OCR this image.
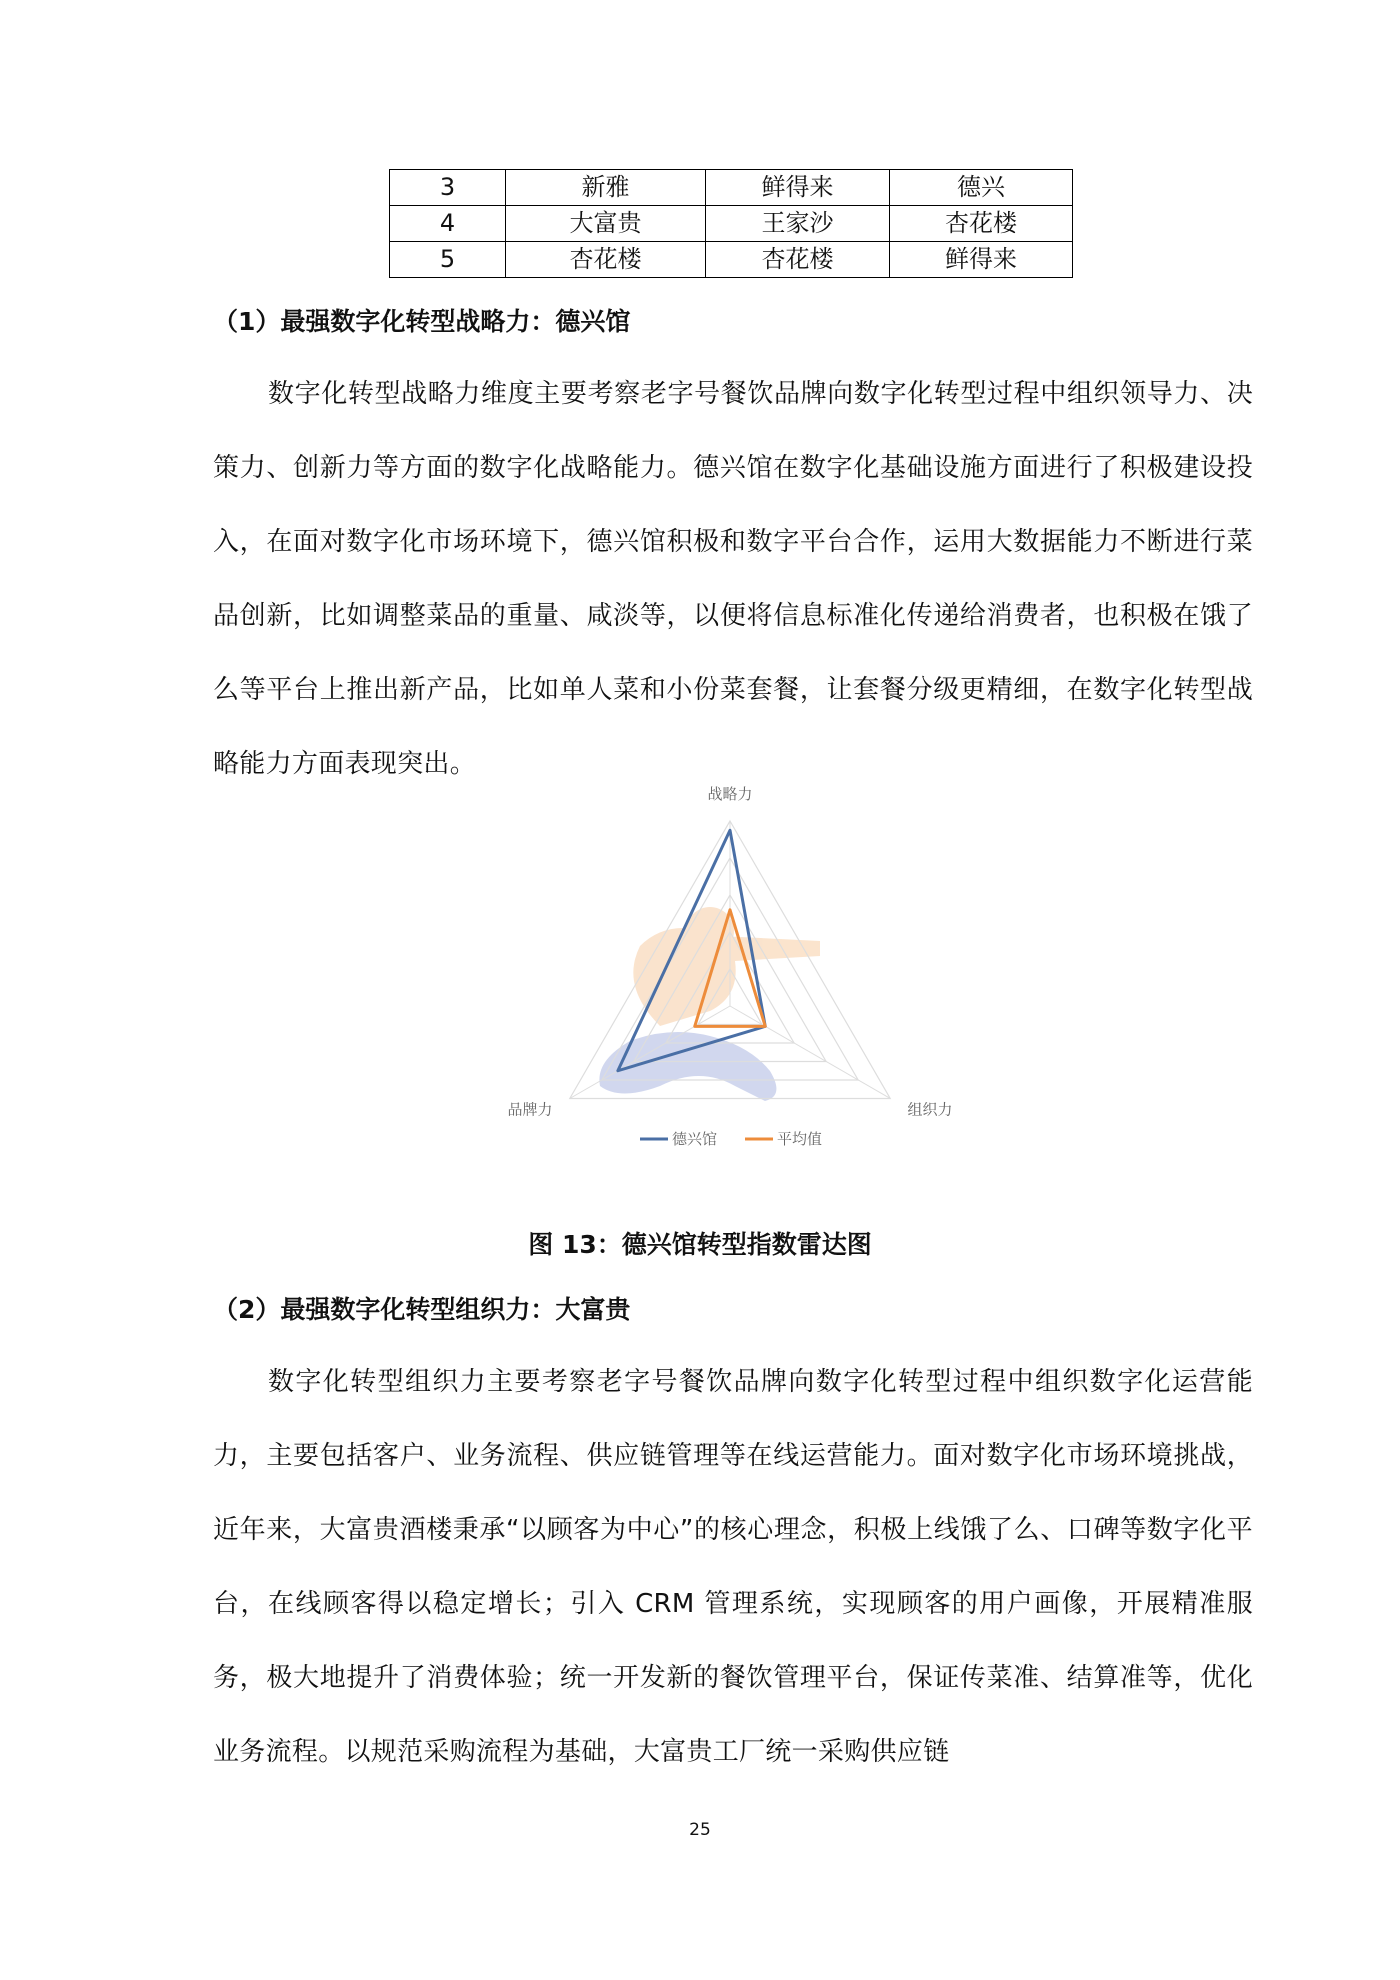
3	新雅	鲜得来	德兴
4	大富贵	王家沙	杏花楼
5	杏花楼	杏花楼	鲜得来
（1）最强数字化转型战略力：德兴馆

数字化转型战略力维度主要考察老字号餐饮品牌向数字化转型过程中组织领导力、决策力、创新力等方面的数字化战略能力。德兴馆在数字化基础设施方面进行了积极建设投入，在面对数字化市场环境下，德兴馆积极和数字平台合作，运用大数据能力不断进行菜品创新，比如调整菜品的重量、咸淡等，以便将信息标准化传递给消费者，也积极在饿了么等平台上推出新产品，比如单人菜和小份菜套餐，让套餐分级更精细，在数字化转型战略能力方面表现突出。

战略力
组织力
品牌力
德兴馆	平均值
图 13：德兴馆转型指数雷达图
（2）最强数字化转型组织力：大富贵

数字化转型组织力主要考察老字号餐饮品牌向数字化转型过程中组织数字化运营能力，主要包括客户、业务流程、供应链管理等在线运营能力。面对数字化市场环境挑战，近年来，大富贵酒楼秉承“以顾客为中心”的核心理念，积极上线饿了么、口碑等数字化平台，在线顾客得以稳定增长；引入 CRM 管理系统，实现顾客的用户画像，开展精准服务，极大地提升了消费体验；统一开发新的餐饮管理平台，保证传菜准、结算准等，优化业务流程。以规范采购流程为基础，大富贵工厂统一采购供应链

25
